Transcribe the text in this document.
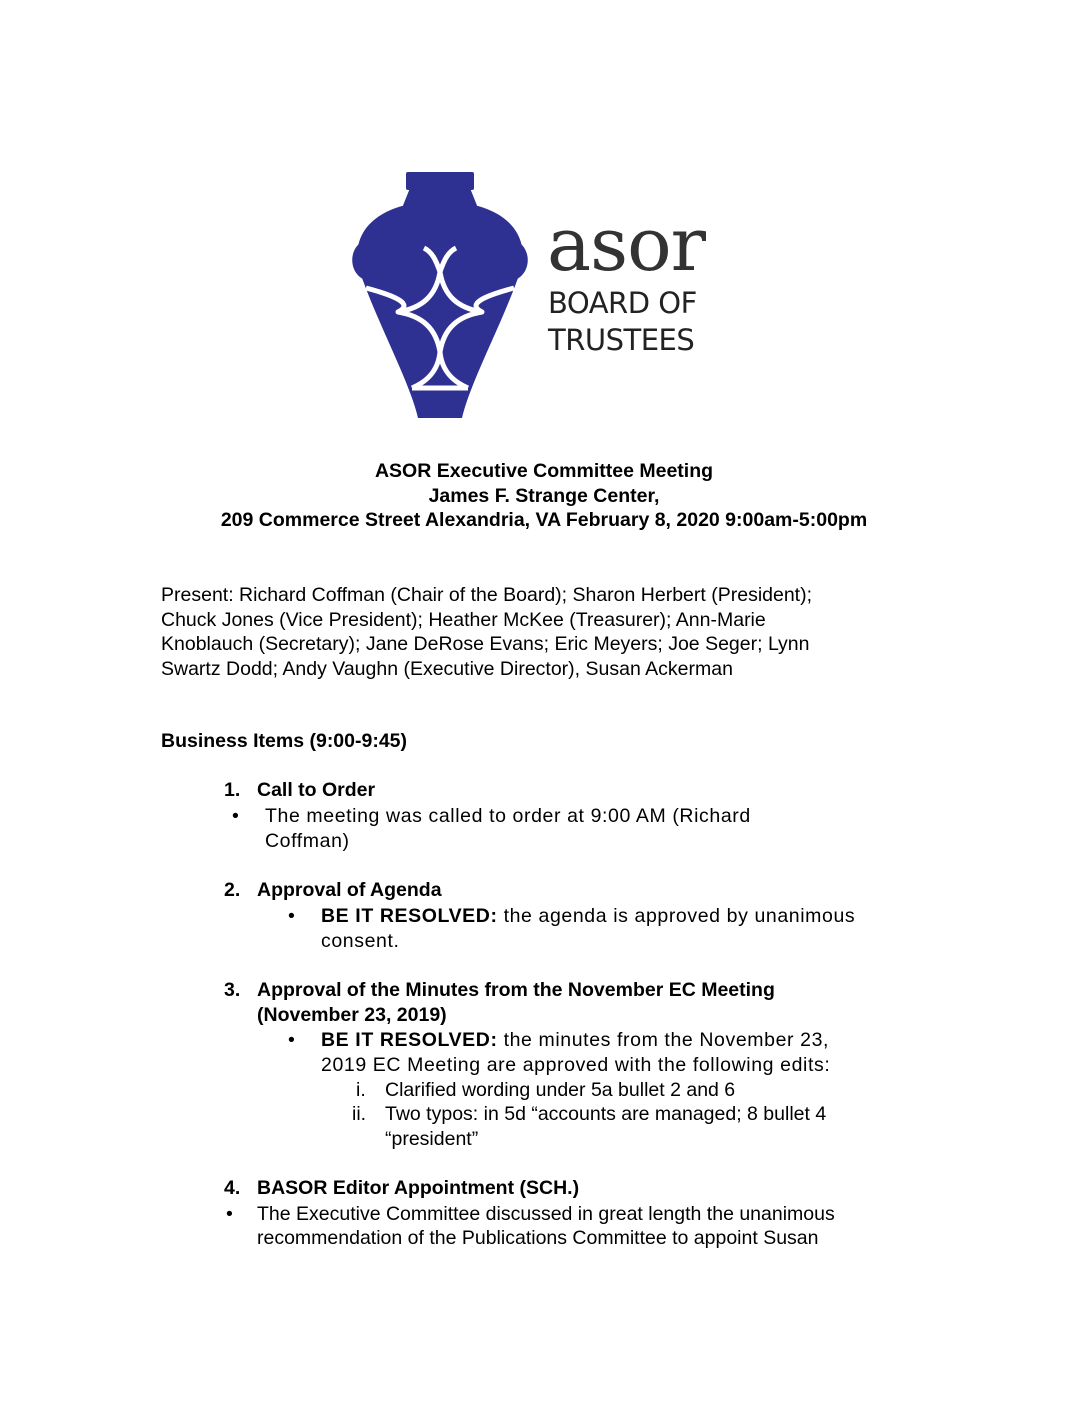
asor
BOARD OF
TRUSTEES
ASOR Executive Committee Meeting
James F. Strange Center,
209 Commerce Street Alexandria, VA February 8, 2020 9:00am-5:00pm
Present: Richard Coffman (Chair of the Board); Sharon Herbert (President);
Chuck Jones (Vice President); Heather McKee (Treasurer); Ann-Marie
Knoblauch (Secretary); Jane DeRose Evans; Eric Meyers; Joe Seger; Lynn
Swartz Dodd; Andy Vaughn (Executive Director), Susan Ackerman
Business Items (9:00-9:45)
1. Call to Order
• The meeting was called to order at 9:00 AM (Richard
Coffman)
2. Approval of Agenda
• BE IT RESOLVED: the agenda is approved by unanimous
consent.
3. Approval of the Minutes from the November EC Meeting
(November 23, 2019)
• BE IT RESOLVED: the minutes from the November 23,
2019 EC Meeting are approved with the following edits:
i. Clarified wording under 5a bullet 2 and 6
ii. Two typos: in 5d “accounts are managed; 8 bullet 4
“president”
4. BASOR Editor Appointment (SCH.)
• The Executive Committee discussed in great length the unanimous
recommendation of the Publications Committee to appoint Susan
